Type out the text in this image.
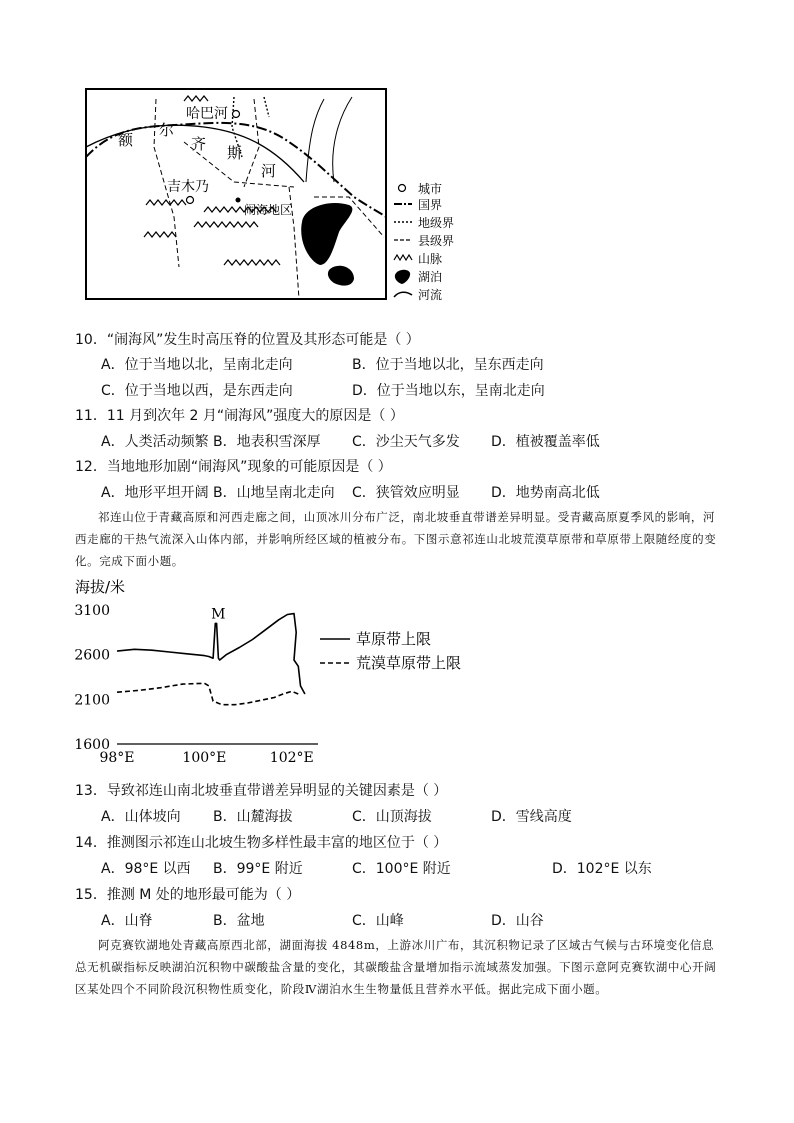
哈巴河
额
尔
齐 斯
河
吉木乃
闹海地区
城市
国界
地级界
县级界
山脉
湖泊
河流
10．“闹海风”发生时高压脊的位置及其形态可能是（ ）
A．位于当地以北，呈南北走向	B．位于当地以北，呈东西走向
C．位于当地以西，是东西走向	D．位于当地以东，呈南北走向
11．11 月到次年 2 月“闹海风”强度大的原因是（ ）
A．人类活动频繁 B．地表积雪深厚 C．沙尘天气多发 D．植被覆盖率低
12．当地地形加剧“闹海风”现象的可能原因是（ ）
A．地形平坦开阔 B．山地呈南北走向 C．狭管效应明显 D．地势南高北低
祁连山位于青藏高原和河西走廊之间，山顶冰川分布广泛，南北坡垂直带谱差异明显。受青藏高原夏季风的影响，河西走廊的干热气流深入山体内部，并影响所经区域的植被分布。下图示意祁连山北坡荒漠草原带和草原带上限随经度的变化。完成下面小题。
海拔/米
3100
2600
2100
1600
98°E	100°E	102°E
M
草原带上限
荒漠草原带上限
13．导致祁连山南北坡垂直带谱差异明显的关键因素是（ ）
A．山体坡向 B．山麓海拔	C．山顶海拔	D．雪线高度
14．推测图示祁连山北坡生物多样性最丰富的地区位于（ ）
A．98°E 以西 B．99°E 附近	C．100°E 附近	D．102°E 以东
15．推测 M 处的地形最可能为（ ）
A．山脊	B．盆地	C．山峰	D．山谷
阿克赛钦湖地处青藏高原西北部，湖面海拔 4848m，上游冰川广布，其沉积物记录了区域古气候与古环境变化信息总无机碳指标反映湖泊沉积物中碳酸盐含量的变化，其碳酸盐含量增加指示流域蒸发加强。下图示意阿克赛钦湖中心开阔区某处四个不同阶段沉积物性质变化，阶段Ⅳ湖泊水生生物量低且营养水平低。据此完成下面小题。
